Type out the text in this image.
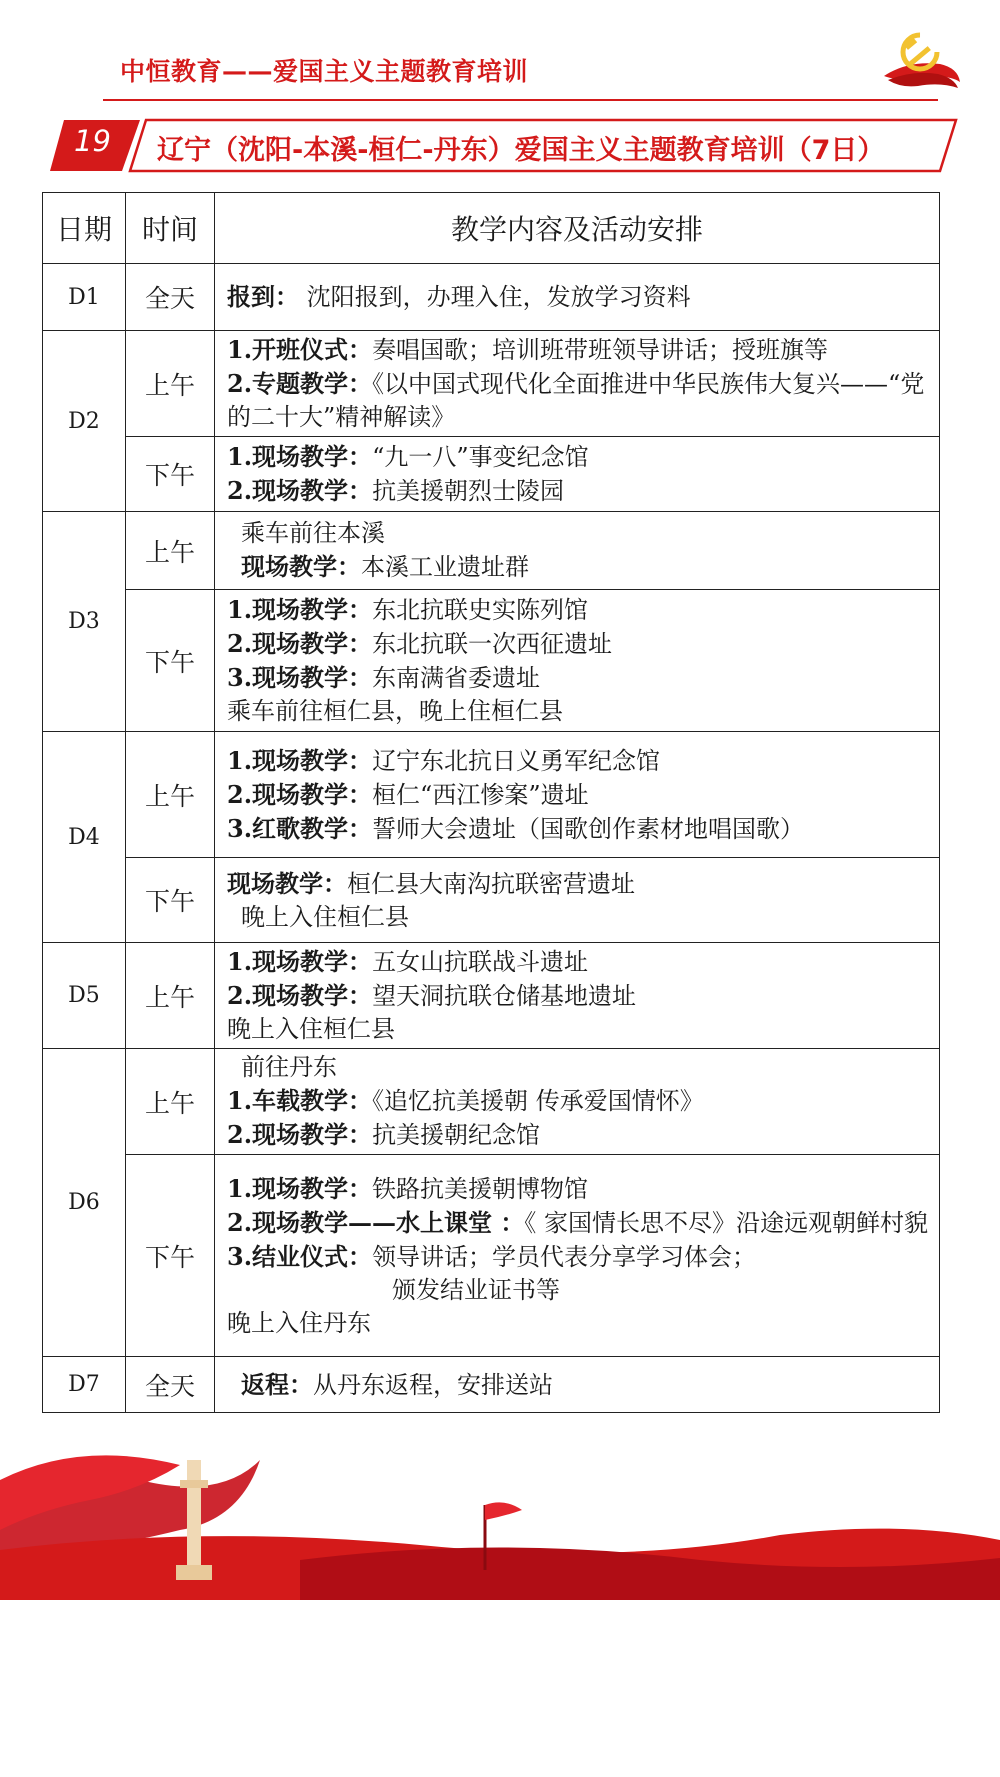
中恒教育——爱国主义主题教育培训
19 辽宁（沈阳-本溪-桓仁-丹东）爱国主义主题教育培训（7日）
日期	时间	教学内容及活动安排
D1	全天	报到： 沈阳报到，办理入住，发放学习资料

D2	上午	1.开班仪式：奏唱国歌；培训班带班领导讲话；授班旗等
2.专题教学：《以中国式现代化全面推进中华民族伟大复兴——“党的二十大”精神解读》

	下午	1.现场教学：“九一八”事变纪念馆
2.现场教学：抗美援朝烈士陵园

D3	上午	乘车前往本溪
现场教学：本溪工业遗址群

	下午	1.现场教学：东北抗联史实陈列馆
2.现场教学：东北抗联一次西征遗址
3.现场教学：东南满省委遗址
乘车前往桓仁县，晚上住桓仁县

D4	上午	1.现场教学：辽宁东北抗日义勇军纪念馆
2.现场教学：桓仁“西江惨案”遗址
3.红歌教学：誓师大会遗址（国歌创作素材地唱国歌）

	下午	现场教学：桓仁县大南沟抗联密营遗址
晚上入住桓仁县

D5	上午	1.现场教学：五女山抗联战斗遗址
2.现场教学：望天洞抗联仓储基地遗址
晚上入住桓仁县

D6	上午	前往丹东
1.车载教学：《追忆抗美援朝 传承爱国情怀》
2.现场教学：抗美援朝纪念馆

	下午	1.现场教学：铁路抗美援朝博物馆
2.现场教学——水上课堂 ：《 家国情长思不尽》沿途远观朝鲜村貌
3.结业仪式：领导讲话；学员代表分享学习体会；
颁发结业证书等
晚上入住丹东

D7	全天	返程：从丹东返程，安排送站
